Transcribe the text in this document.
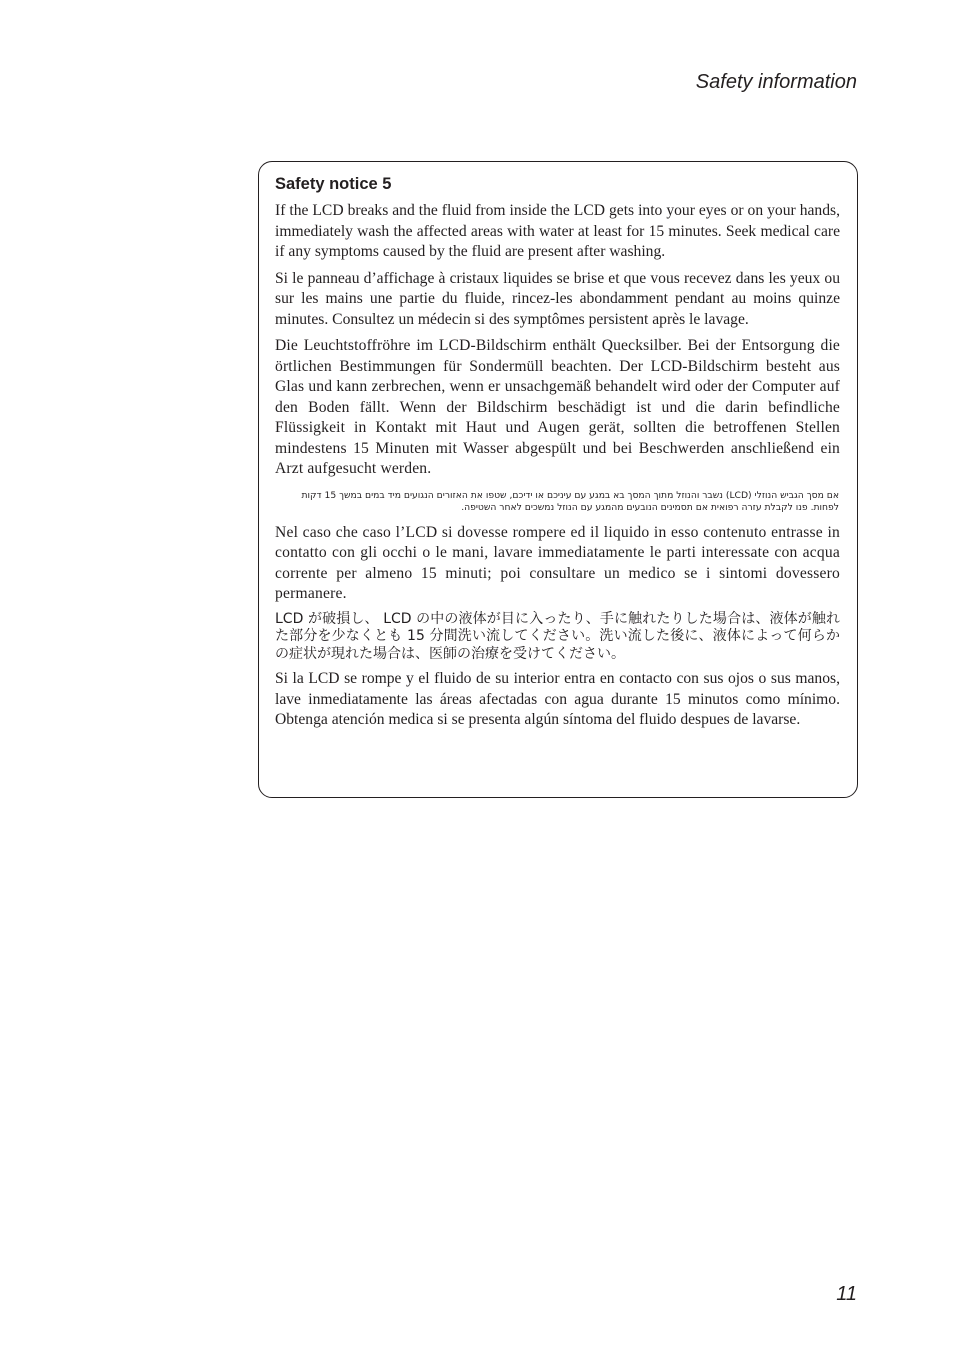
Safety information

Safety notice 5

If the LCD breaks and the fluid from inside the LCD gets into your eyes or on your hands, immediately wash the affected areas with water at least for 15 minutes. Seek medical care if any symptoms caused by the fluid are present after washing.

Si le panneau d’affichage à cristaux liquides se brise et que vous recevez dans les yeux ou sur les mains une partie du fluide, rincez-les abondamment pendant au moins quinze minutes. Consultez un médecin si des symptômes persistent après le lavage.

Die Leuchtstoffröhre im LCD-Bildschirm enthält Quecksilber. Bei der Entsorgung die örtlichen Bestimmungen für Sondermüll beachten. Der LCD-Bildschirm besteht aus Glas und kann zerbrechen, wenn er unsachgemäß behandelt wird oder der Computer auf den Boden fällt. Wenn der Bildschirm beschädigt ist und die darin befindliche Flüssigkeit in Kontakt mit Haut und Augen gerät, sollten die betroffenen Stellen mindestens 15 Minuten mit Wasser abgespült und bei Beschwerden anschließend ein Arzt aufgesucht werden.

אם מסך הגביש הנוזלי (LCD) נשבר והנוזל מתוך המסך בא במגע עם עיניכם או ידיכם, שטפו את האזורים הנגועים מיד במים במשך 15 דקות לפחות. פנו לקבלת עזרה רפואית אם תסמינים הנובעים מהמגע עם הנוזל נמשכים לאחר השטיפה.

Nel caso che caso l’LCD si dovesse rompere ed il liquido in esso contenuto entrasse in contatto con gli occhi o le mani, lavare immediatamente le parti interessate con acqua corrente per almeno 15 minuti; poi consultare un medico se i sintomi dovessero permanere.

LCD が破損し、 LCD の中の液体が目に入ったり、手に触れたりした場合は、液体が触れた部分を少なくとも 15 分間洗い流してください。洗い流した後に、液体によって何らかの症状が現れた場合は、医師の治療を受けてください。

Si la LCD se rompe y el fluido de su interior entra en contacto con sus ojos o sus manos, lave inmediatamente las áreas afectadas con agua durante 15 minutos como mínimo. Obtenga atención medica si se presenta algún síntoma del fluido despues de lavarse.

11
